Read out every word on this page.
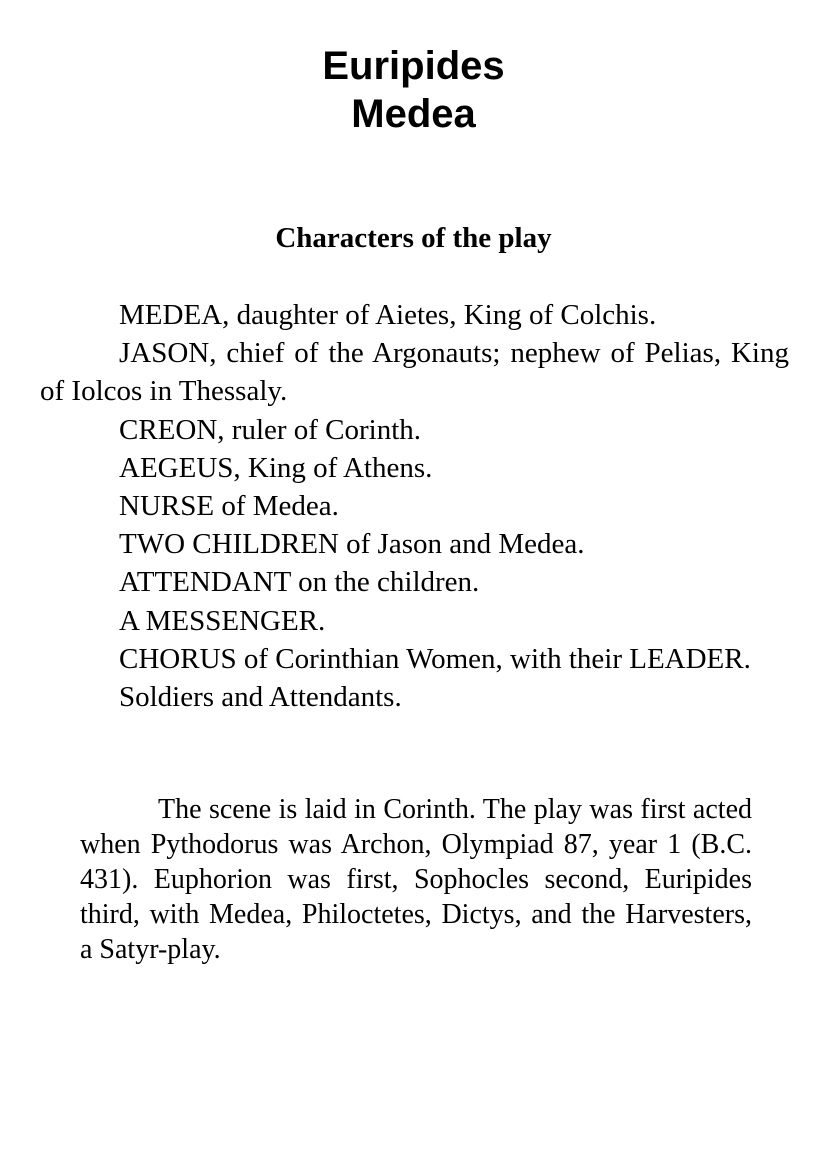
Euripides
Medea
Characters of the play
MEDEA, daughter of Aietes, King of Colchis.
JASON, chief of the Argonauts; nephew of Pelias, King of Iolcos in Thessaly.
CREON, ruler of Corinth.
AEGEUS, King of Athens.
NURSE of Medea.
TWO CHILDREN of Jason and Medea.
ATTENDANT on the children.
A MESSENGER.
CHORUS of Corinthian Women, with their LEADER.
Soldiers and Attendants.

The scene is laid in Corinth. The play was first acted when Pythodorus was Archon, Olympiad 87, year 1 (B.C. 431). Euphorion was first, Sophocles second, Euripides third, with Medea, Philoctetes, Dictys, and the Harvesters, a Satyr-play.
